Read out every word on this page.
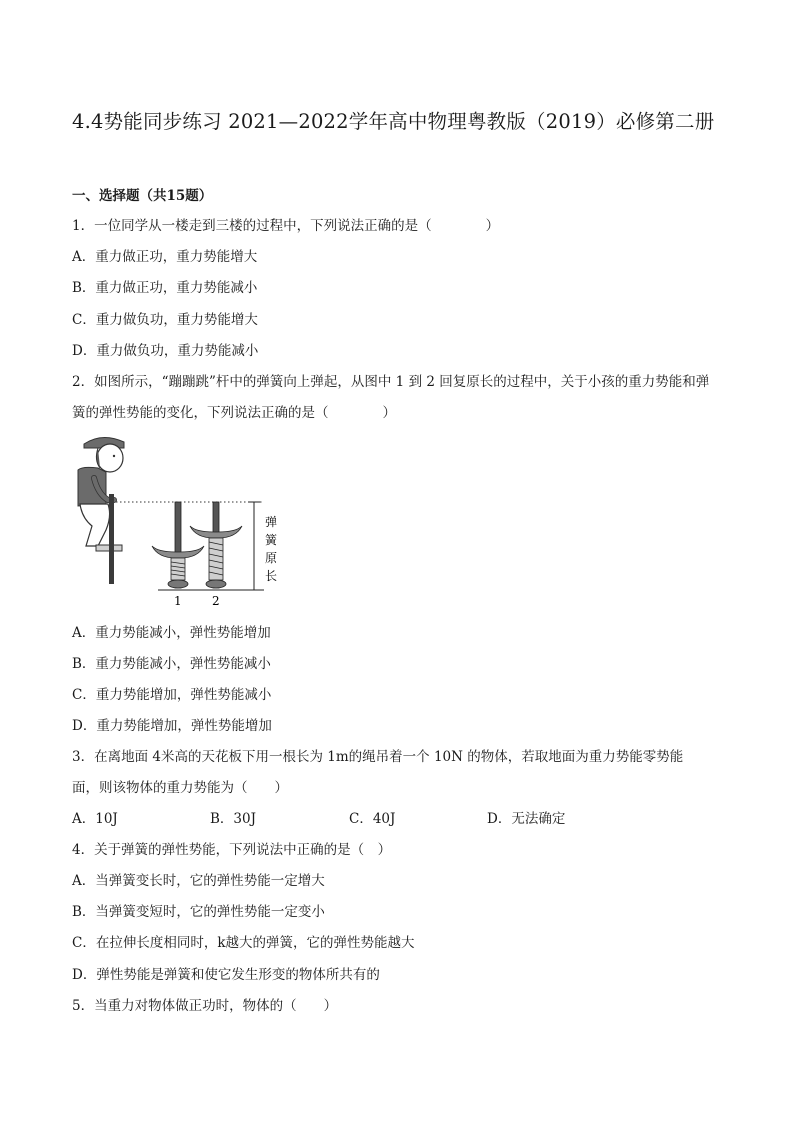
4.4势能同步练习 2021—2022学年高中物理粤教版（2019）必修第二册
一、选择题（共15题）
1．一位同学从一楼走到三楼的过程中，下列说法正确的是（　　　　）
A．重力做正功，重力势能增大
B．重力做正功，重力势能减小
C．重力做负功，重力势能增大
D．重力做负功，重力势能减小
2．如图所示，“蹦蹦跳”杆中的弹簧向上弹起，从图中 1 到 2 回复原长的过程中，关于小孩的重力势能和弹
簧的弹性势能的变化，下列说法正确的是（　　　　）
弹
簧
原
长
1	2
A．重力势能减小，弹性势能增加
B．重力势能减小，弹性势能减小
C．重力势能增加，弹性势能减小
D．重力势能增加，弹性势能增加
3．在离地面 4米高的天花板下用一根长为 1m的绳吊着一个 10N 的物体，若取地面为重力势能零势能
面，则该物体的重力势能为（　　）
A．10J	B．30J	C．40J	D．无法确定
4．关于弹簧的弹性势能，下列说法中正确的是（　）
A．当弹簧变长时，它的弹性势能一定增大
B．当弹簧变短时，它的弹性势能一定变小
C．在拉伸长度相同时，k越大的弹簧，它的弹性势能越大
D．弹性势能是弹簧和使它发生形变的物体所共有的
5．当重力对物体做正功时，物体的（　　）
